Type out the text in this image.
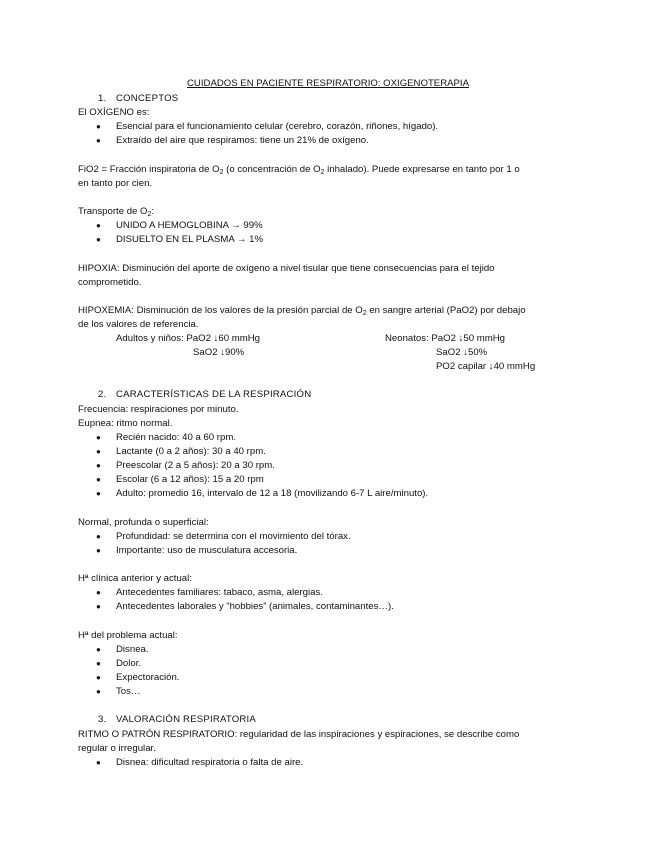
CUIDADOS EN PACIENTE RESPIRATORIO: OXIGENOTERAPIA
1. CONCEPTOS
El OXÍGENO es:
● Esencial para el funcionamiento celular (cerebro, corazón, riñones, hígado).
● Extraído del aire que respiramos: tiene un 21% de oxígeno.
FiO2 = Fracción inspiratoria de $O_2$ (o concentración de $O_2$ inhalado). Puede expresarse en tanto por 1 o
en tanto por cien.
Transporte de $O_2$:
● UNIDO A HEMOGLOBINA → 99%
● DISUELTO EN EL PLASMA → 1%
HIPOXIA: Disminución del aporte de oxígeno a nivel tisular que tiene consecuencias para el tejido
comprometido.
HIPOXEMIA: Disminución de los valores de la presión parcial de $O_2$ en sangre arterial (PaO2) por debajo
de los valores de referencia.
Adultos y niños: PaO2 ↓60 mmHg
SaO2 ↓90%
Neonatos: PaO2 ↓50 mmHg
SaO2 ↓50%
PO2 capilar ↓40 mmHg
2. CARACTERÍSTICAS DE LA RESPIRACIÓN
Frecuencia: respiraciones por minuto.
Eupnea: ritmo normal.
● Recién nacido: 40 a 60 rpm.
● Lactante (0 a 2 años): 30 a 40 rpm.
● Preescolar (2 a 5 años): 20 a 30 rpm.
● Escolar (6 a 12 años): 15 a 20 rpm
● Adulto: promedio 16, intervalo de 12 a 18 (movilizando 6-7 L aire/minuto).
Normal, profunda o superficial:
● Profundidad: se determina con el movimiento del tórax.
● Importante: uso de musculatura accesoria.
Hª clínica anterior y actual:
● Antecedentes familiares: tabaco, asma, alergias.
● Antecedentes laborales y “hobbies” (animales, contaminantes…).
Hª del problema actual:
● Disnea.
● Dolor.
● Expectoración.
● Tos…
3. VALORACIÓN RESPIRATORIA
RITMO O PATRÓN RESPIRATORIO: regularidad de las inspiraciones y espiraciones, se describe como
regular o irregular.
● Disnea: dificultad respiratoria o falta de aire.
